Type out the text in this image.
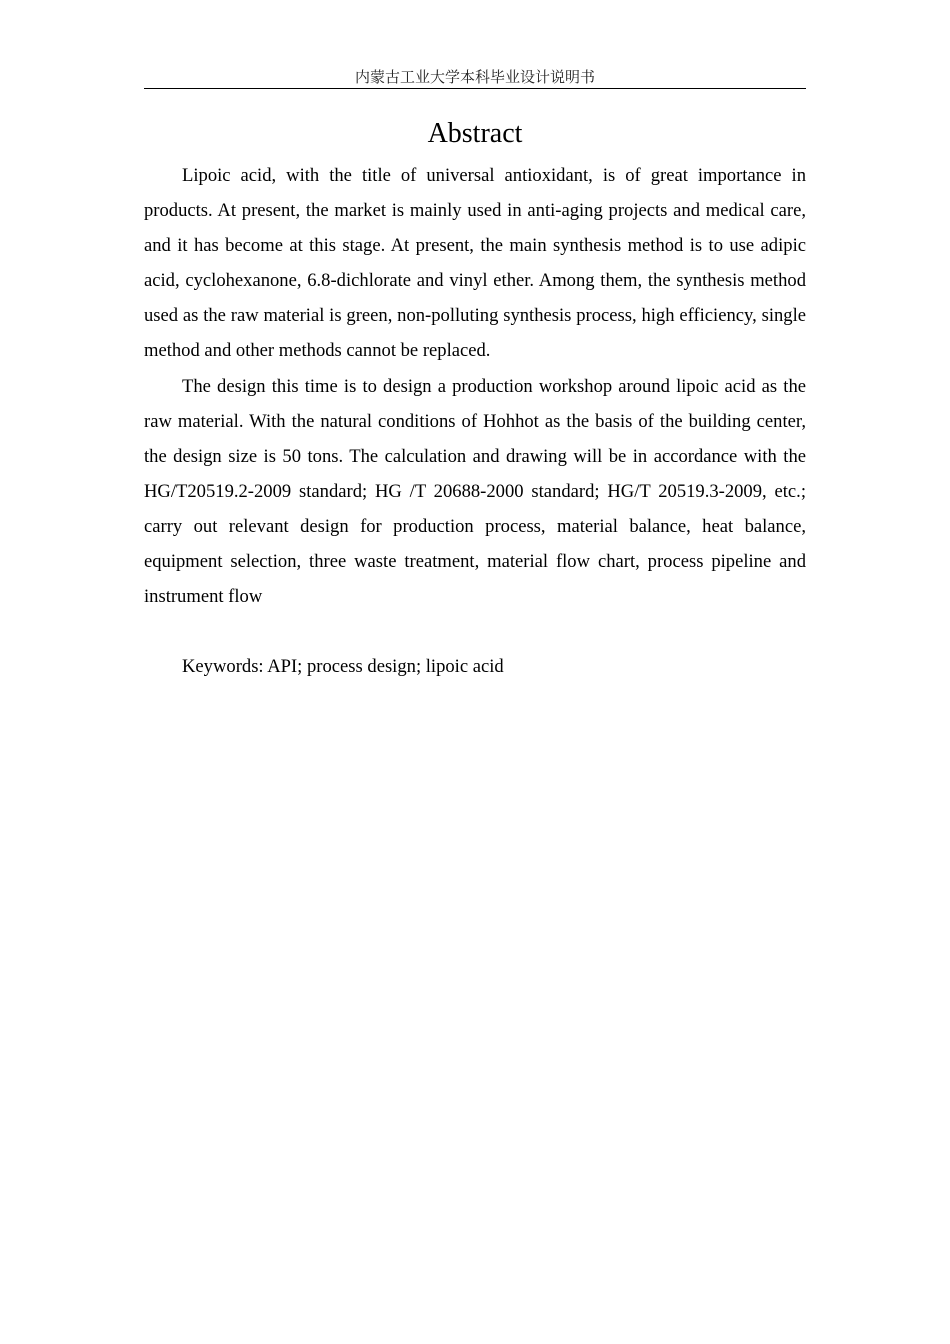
内蒙古工业大学本科毕业设计说明书
Abstract

Lipoic acid, with the title of universal antioxidant, is of great importance in products. At present, the market is mainly used in anti-aging projects and medical care, and it has become at this stage. At present, the main synthesis method is to use adipic acid, cyclohexanone, 6.8-dichlorate and vinyl ether. Among them, the synthesis method used as the raw material is green, non-polluting synthesis process, high efficiency, single method and other methods cannot be replaced.

The design this time is to design a production workshop around lipoic acid as the raw material. With the natural conditions of Hohhot as the basis of the building center, the design size is 50 tons. The calculation and drawing will be in accordance with the HG/T20519.2-2009 standard; HG /T 20688-2000 standard; HG/T 20519.3-2009, etc.; carry out relevant design for production process, material balance, heat balance, equipment selection, three waste treatment, material flow chart, process pipeline and instrument flow

Keywords: API; process design; lipoic acid
